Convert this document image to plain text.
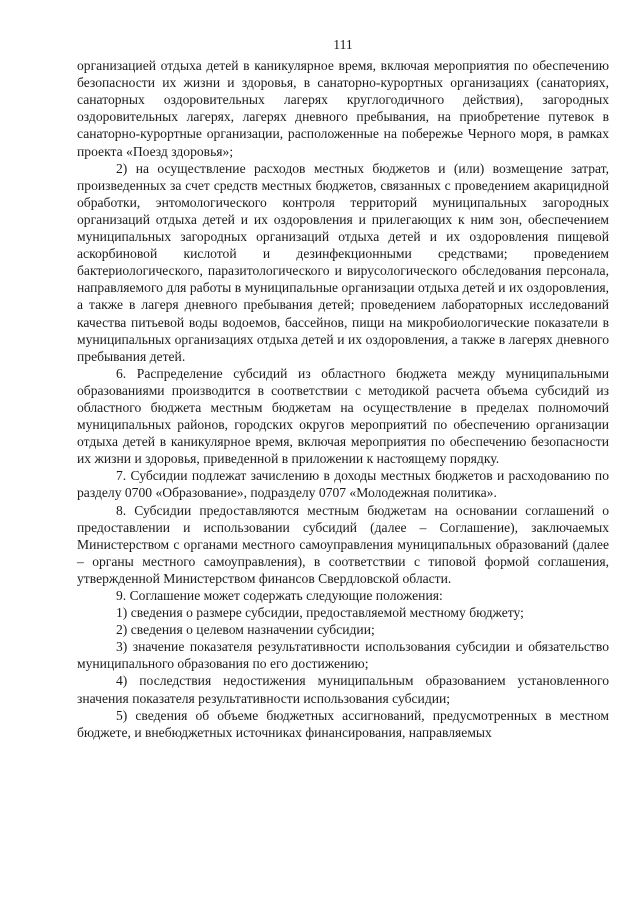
111

организацией отдыха детей в каникулярное время, включая мероприятия по обеспечению безопасности их жизни и здоровья, в санаторно-курортных организациях (санаториях, санаторных оздоровительных лагерях круглогодичного действия), загородных оздоровительных лагерях, лагерях дневного пребывания, на приобретение путевок в санаторно-курортные организации, расположенные на побережье Черного моря, в рамках проекта «Поезд здоровья»;

2) на осуществление расходов местных бюджетов и (или) возмещение затрат, произведенных за счет средств местных бюджетов, связанных с проведением акарицидной обработки, энтомологического контроля территорий муниципальных загородных организаций отдыха детей и их оздоровления и прилегающих к ним зон, обеспечением муниципальных загородных организаций отдыха детей и их оздоровления пищевой аскорбиновой кислотой и дезинфекционными средствами; проведением бактериологического, паразитологического и вирусологического обследования персонала, направляемого для работы в муниципальные организации отдыха детей и их оздоровления, а также в лагеря дневного пребывания детей; проведением лабораторных исследований качества питьевой воды водоемов, бассейнов, пищи на микробиологические показатели в муниципальных организациях отдыха детей и их оздоровления, а также в лагерях дневного пребывания детей.

6. Распределение субсидий из областного бюджета между муниципальными образованиями производится в соответствии с методикой расчета объема субсидий из областного бюджета местным бюджетам на осуществление в пределах полномочий муниципальных районов, городских округов мероприятий по обеспечению организации отдыха детей в каникулярное время, включая мероприятия по обеспечению безопасности их жизни и здоровья, приведенной в приложении к настоящему порядку.

7. Субсидии подлежат зачислению в доходы местных бюджетов и расходованию по разделу 0700 «Образование», подразделу 0707 «Молодежная политика».

8. Субсидии предоставляются местным бюджетам на основании соглашений о предоставлении и использовании субсидий (далее – Соглашение), заключаемых Министерством с органами местного самоуправления муниципальных образований (далее – органы местного самоуправления), в соответствии с типовой формой соглашения, утвержденной Министерством финансов Свердловской области.

9. Соглашение может содержать следующие положения:

1) сведения о размере субсидии, предоставляемой местному бюджету;

2) сведения о целевом назначении субсидии;

3) значение показателя результативности использования субсидии и обязательство муниципального образования по его достижению;

4) последствия недостижения муниципальным образованием установленного значения показателя результативности использования субсидии;

5) сведения об объеме бюджетных ассигнований, предусмотренных в местном бюджете, и внебюджетных источниках финансирования, направляемых
